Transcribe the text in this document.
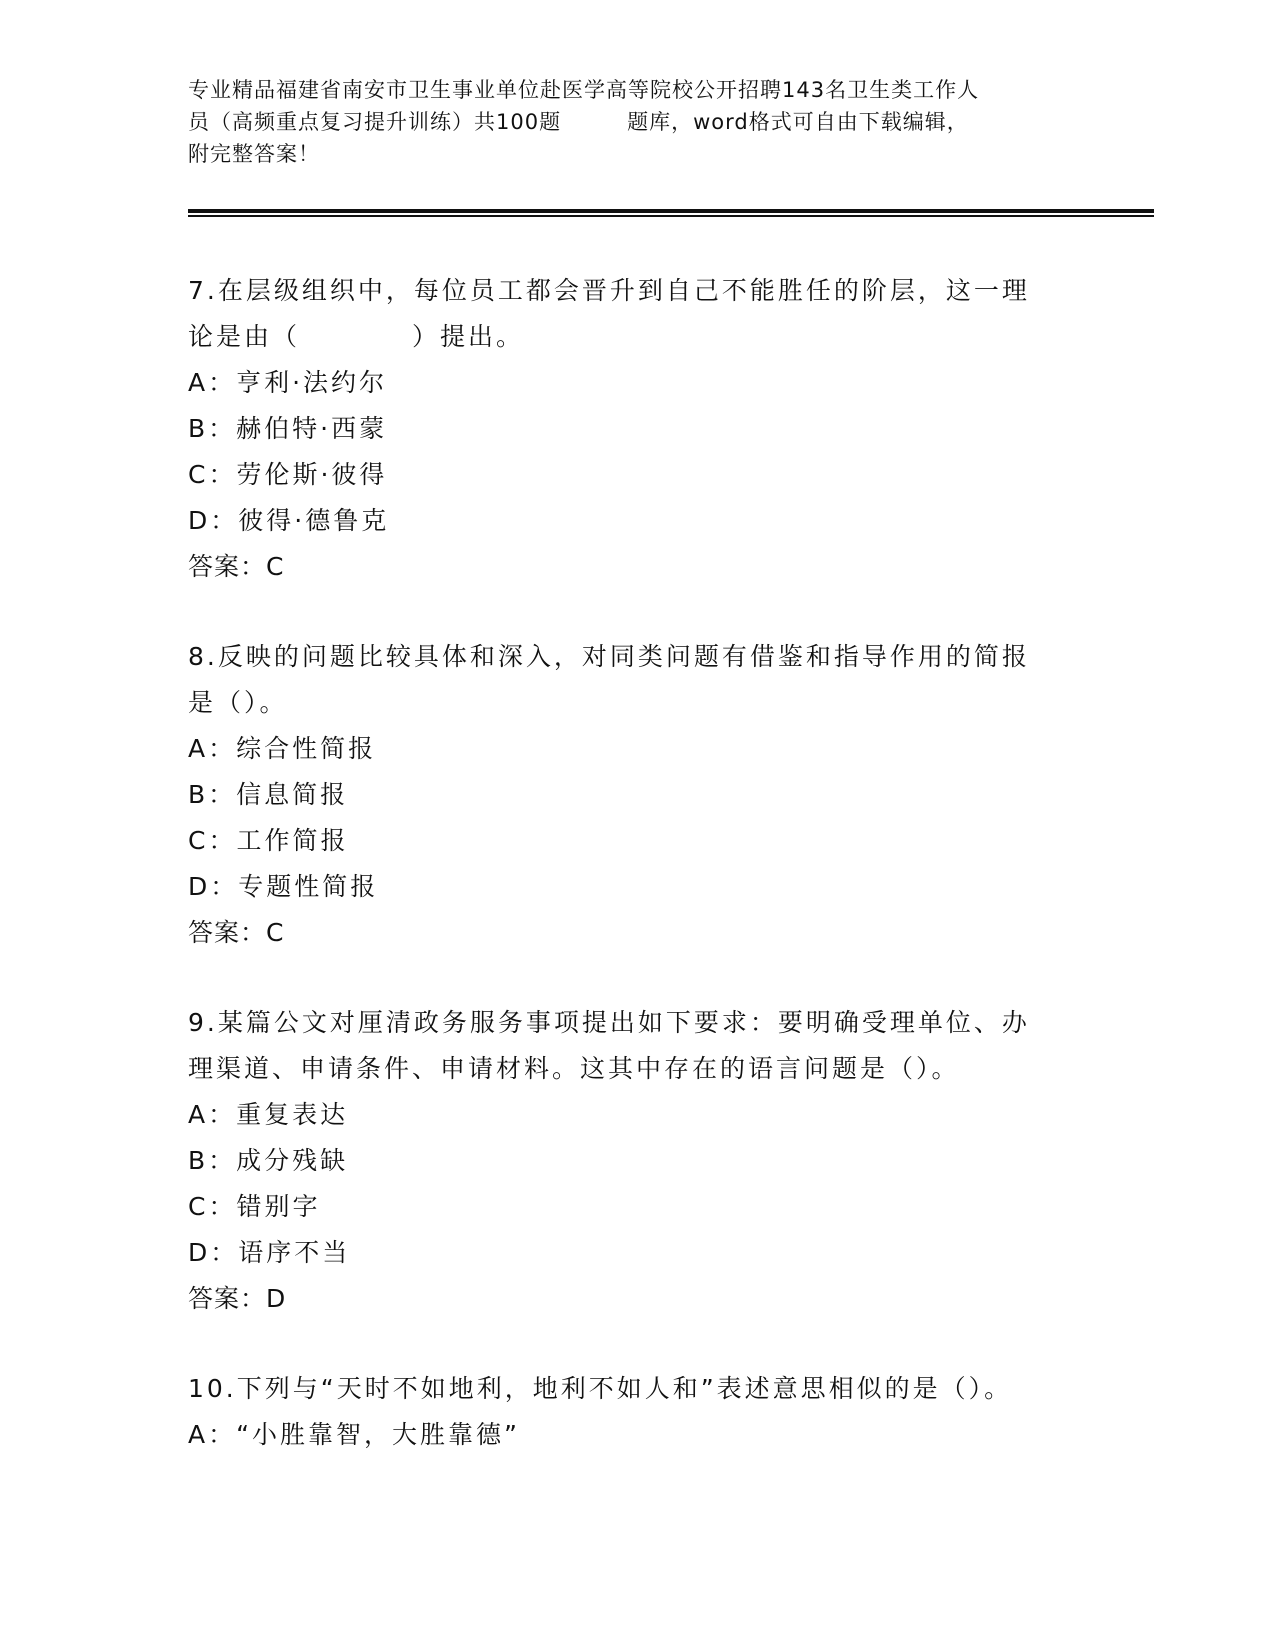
专业精品福建省南安市卫生事业单位赴医学高等院校公开招聘143名卫生类工作人
员（高频重点复习提升训练）共100题　　　题库，word格式可自由下载编辑，
附完整答案！
7.在层级组织中，每位员工都会晋升到自己不能胜任的阶层，这一理
论是由（　　　　）提出。
A：亨利·法约尔
B：赫伯特·西蒙
C：劳伦斯·彼得
D：彼得·德鲁克
答案：C
8.反映的问题比较具体和深入，对同类问题有借鉴和指导作用的简报
是（）。
A：综合性简报
B：信息简报
C：工作简报
D：专题性简报
答案：C
9.某篇公文对厘清政务服务事项提出如下要求：要明确受理单位、办
理渠道、申请条件、申请材料。这其中存在的语言问题是（）。
A：重复表达
B：成分残缺
C：错别字
D：语序不当
答案：D
10.下列与“天时不如地利，地利不如人和”表述意思相似的是（）。
A：“小胜靠智，大胜靠德”
